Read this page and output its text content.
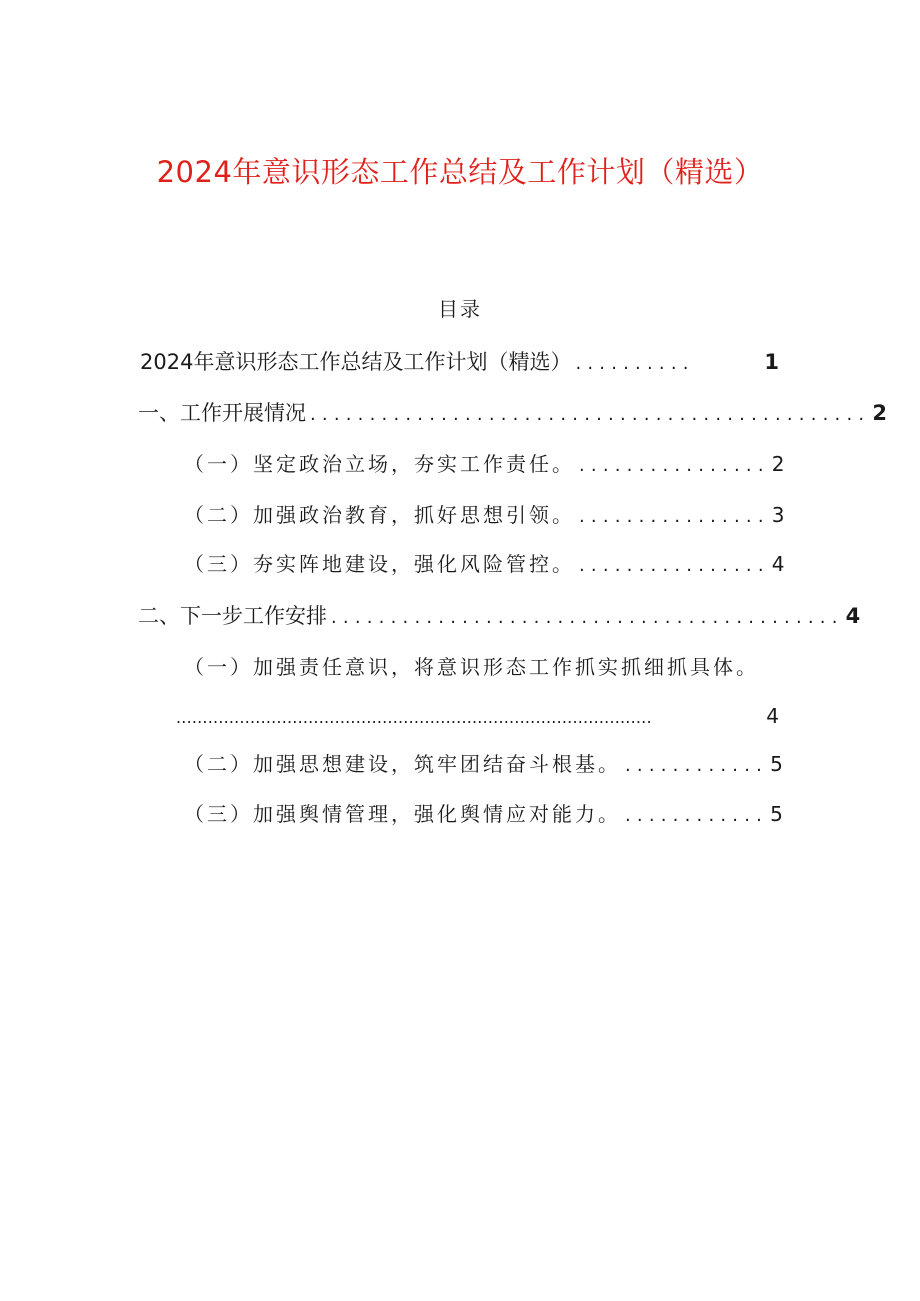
2024年意识形态工作总结及工作计划（精选）
目录
2024年意识形态工作总结及工作计划（精选） ..........	1
一、工作开展情况 ............................................... 2
（一）坚定政治立场，夯实工作责任。 ................ 2
（二）加强政治教育，抓好思想引领。 ................ 3
（三）夯实阵地建设，强化风险管控。 ................ 4
二、下一步工作安排 ........................................... 4
（一）加强责任意识，将意识形态工作抓实抓细抓具体。
..........................................................................................	4
（二）加强思想建设，筑牢团结奋斗根基。 ............ 5
（三）加强舆情管理，强化舆情应对能力。 ............ 5
